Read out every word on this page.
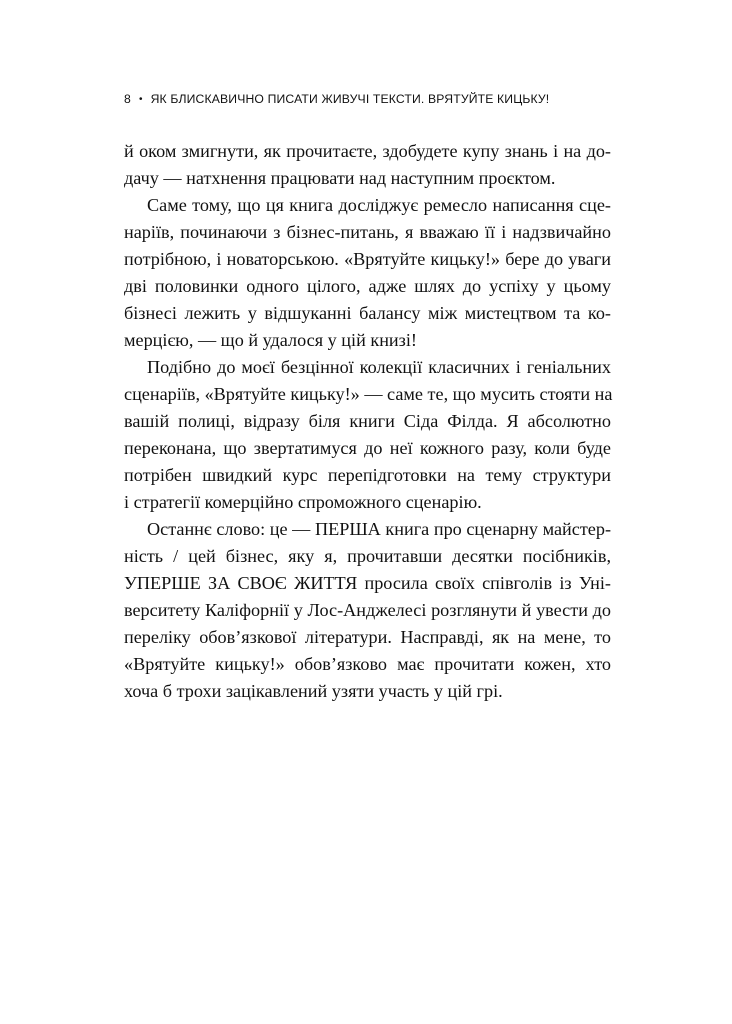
8 • ЯК БЛИСКАВИЧНО ПИСАТИ ЖИВУЧІ ТЕКСТИ. ВРЯТУЙТЕ КИЦЬКУ!
й оком змигнути, як прочитаєте, здобудете купу знань і на до-
дачу — натхнення працювати над наступним проєктом.
Саме тому, що ця книга досліджує ремесло написання сце-
наріїв, починаючи з бізнес-питань, я вважаю її і надзвичайно
потрібною, і новаторською. «Врятуйте кицьку!» бере до уваги
дві половинки одного цілого, адже шлях до успіху у цьому
бізнесі лежить у відшуканні балансу між мистецтвом та ко-
мерцією, — що й удалося у цій книзі!
Подібно до моєї безцінної колекції класичних і геніальних
сценаріїв, «Врятуйте кицьку!» — саме те, що мусить стояти на
вашій полиці, відразу біля книги Сіда Філда. Я абсолютно
переконана, що звертатимуся до неї кожного разу, коли буде
потрібен швидкий курс перепідготовки на тему структури
і стратегії комерційно спроможного сценарію.
Останнє слово: це — ПЕРША книга про сценарну майстер-
ність / цей бізнес, яку я, прочитавши десятки посібників,
УПЕРШЕ ЗА СВОЄ ЖИТТЯ просила своїх співголів із Уні-
верситету Каліфорнії у Лос-Анджелесі розглянути й увести до
переліку обов’язкової літератури. Насправді, як на мене, то
«Врятуйте кицьку!» обов’язково має прочитати кожен, хто
хоча б трохи зацікавлений узяти участь у цій грі.
